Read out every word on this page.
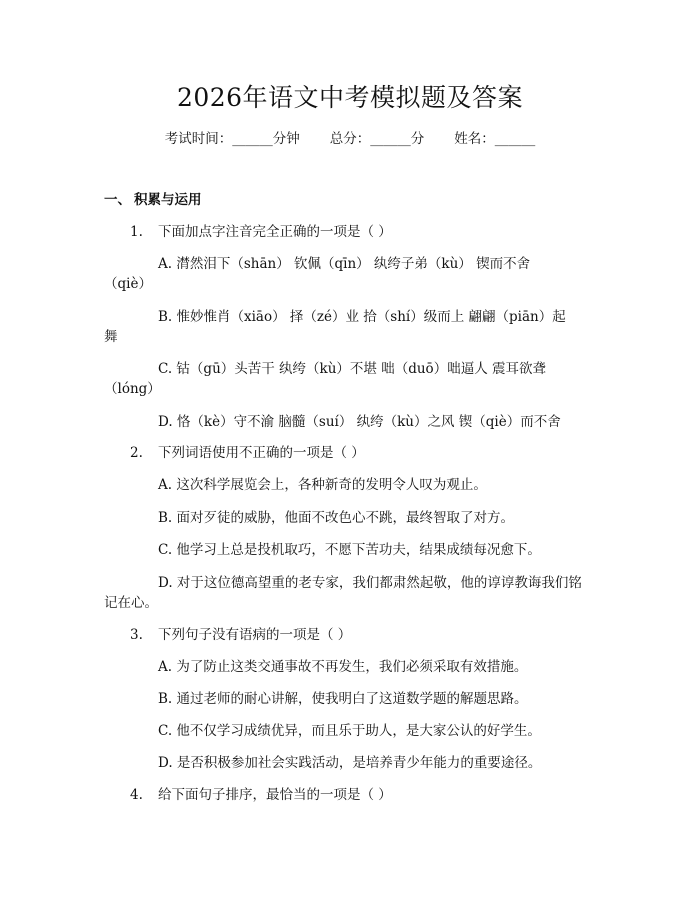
2026年语文中考模拟题及答案
考试时间：______分钟 总分：______分 姓名：______
一、 积累与运用
1. 下面加点字注音完全正确的一项是（ ）
A. 潸然泪下（shān） 钦佩（qīn） 纨绔子弟（kù） 锲而不舍
（qiè）
B. 惟妙惟肖（xiāo） 择（zé）业 拾（shí）级而上 翩翩（piān）起
舞
C. 钴（gū）头苦干 纨绔（kù）不堪 咄（duō）咄逼人 震耳欲聋
（lóng）
D. 恪（kè）守不渝 脑髓（suí） 纨绔（kù）之风 锲（qiè）而不舍
2. 下列词语使用不正确的一项是（ ）
A. 这次科学展览会上，各种新奇的发明令人叹为观止。
B. 面对歹徒的威胁，他面不改色心不跳，最终智取了对方。
C. 他学习上总是投机取巧，不愿下苦功夫，结果成绩每况愈下。
D. 对于这位德高望重的老专家，我们都肃然起敬，他的谆谆教诲我们铭
记在心。
3. 下列句子没有语病的一项是（ ）
A. 为了防止这类交通事故不再发生，我们必须采取有效措施。
B. 通过老师的耐心讲解，使我明白了这道数学题的解题思路。
C. 他不仅学习成绩优异，而且乐于助人，是大家公认的好学生。
D. 是否积极参加社会实践活动，是培养青少年能力的重要途径。
4. 给下面句子排序，最恰当的一项是（ ）
